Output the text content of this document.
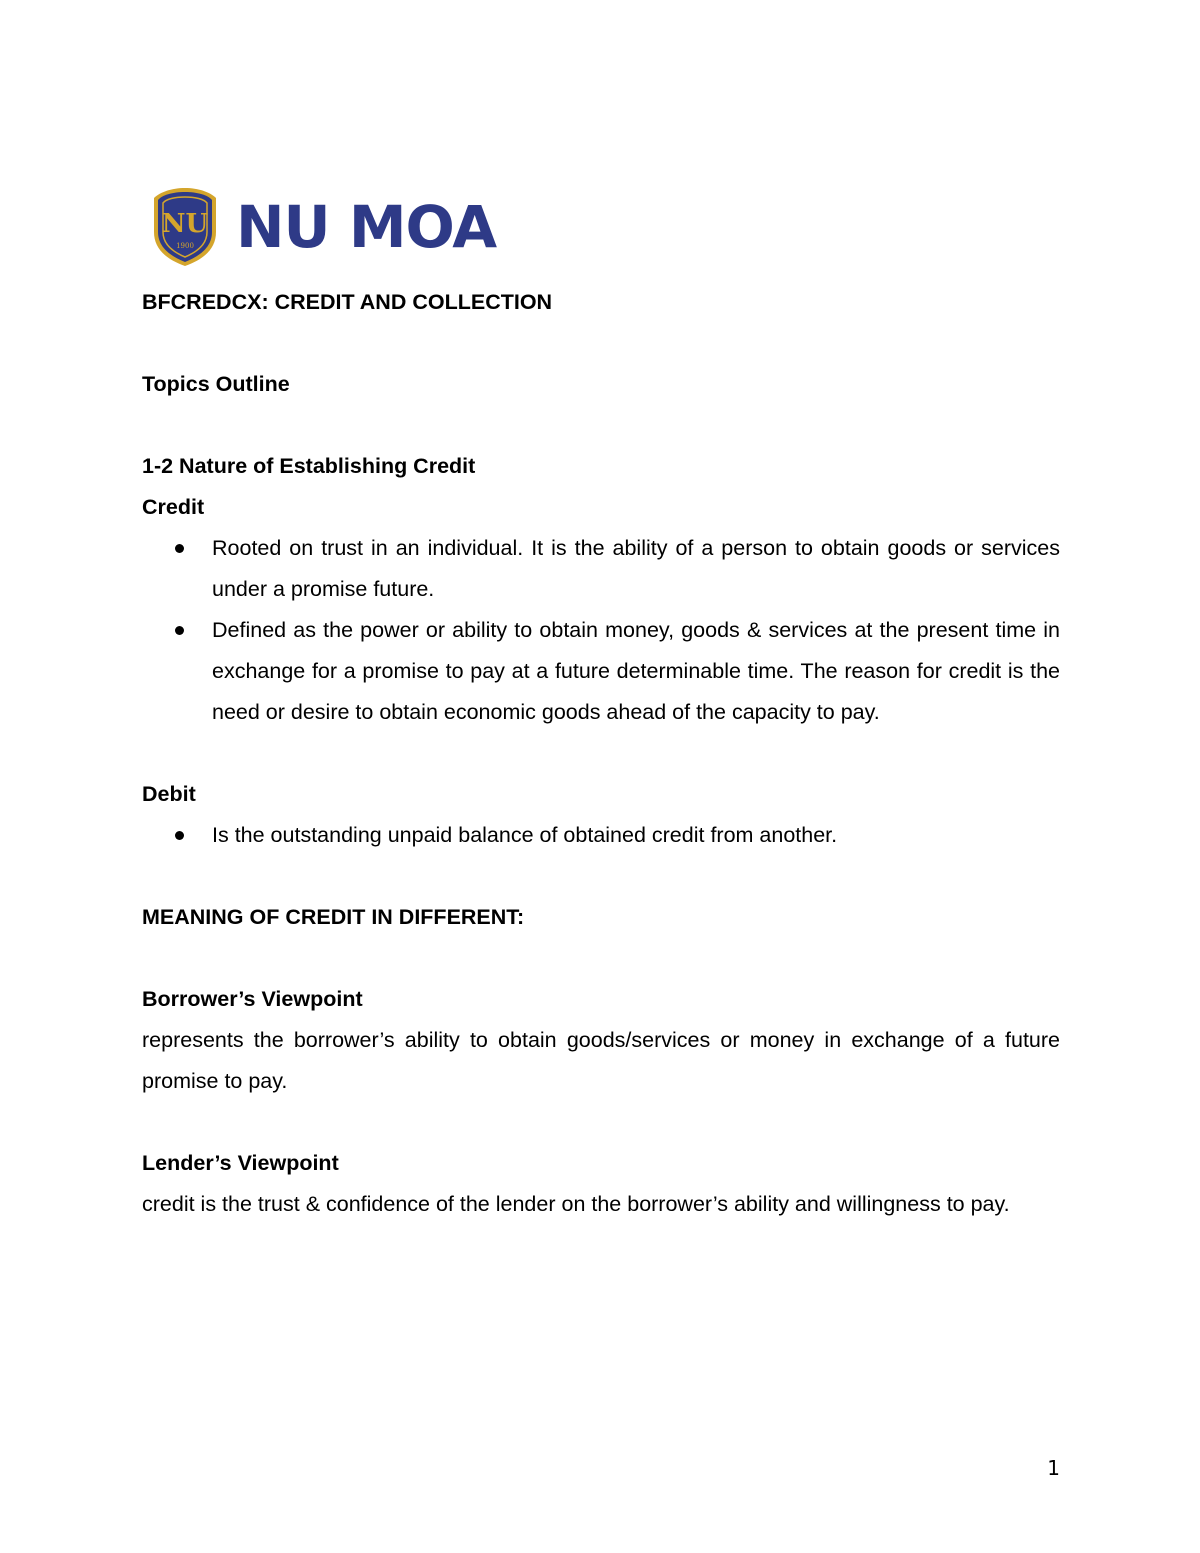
NU
1900 NU MOA

BFCREDCX: CREDIT AND COLLECTION

Topics Outline

1-2 Nature of Establishing Credit

Credit

Rooted on trust in an individual. It is the ability of a person to obtain goods or services under a promise future.
Defined as the power or ability to obtain money, goods & services at the present time in exchange for a promise to pay at a future determinable time. The reason for credit is the need or desire to obtain economic goods ahead of the capacity to pay.

Debit

Is the outstanding unpaid balance of obtained credit from another.

MEANING OF CREDIT IN DIFFERENT:

Borrower’s Viewpoint

represents the borrower’s ability to obtain goods/services or money in exchange of a future promise to pay.

Lender’s Viewpoint

credit is the trust & confidence of the lender on the borrower’s ability and willingness to pay.

1
